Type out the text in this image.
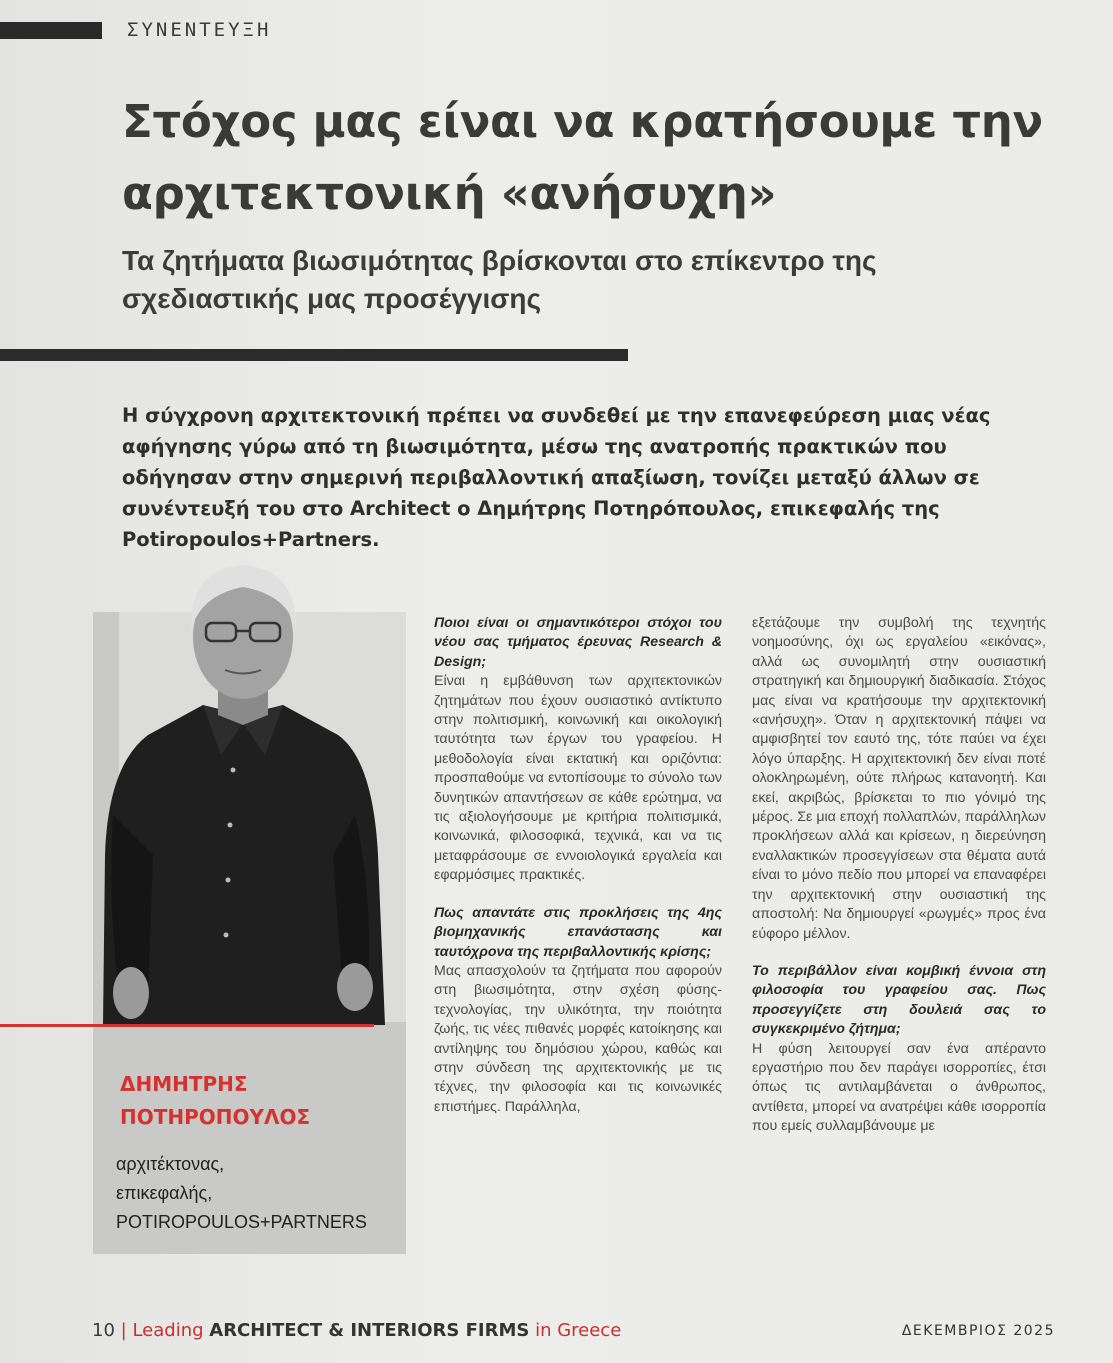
ΣΥΝΕΝΤΕΥΞΗ
Στόχος μας είναι να κρατήσουμε την αρχιτεκτονική «ανήσυχη»
Τα ζητήματα βιωσιμότητας βρίσκονται στο επίκεντρο της σχεδιαστικής μας προσέγγισης

Η σύγχρονη αρχιτεκτονική πρέπει να συνδεθεί με την επανεφεύρεση μιας νέας αφήγησης γύρω από τη βιωσιμότητα, μέσω της ανατροπής πρακτικών που οδήγησαν στην σημερινή περιβαλλοντική απαξίωση, τονίζει μεταξύ άλλων σε συνέντευξή του στο Architect ο Δημήτρης Ποτηρόπουλος, επικεφαλής της Potiropoulos+Partners.

ΔΗΜΗΤΡΗΣ
ΠΟΤΗΡΟΠΟΥΛΟΣ
αρχιτέκτονας,
επικεφαλής,
POTIROPOULOS+PARTNERS

Ποιοι είναι οι σημαντικότεροι στόχοι του νέου σας τμήματος έρευνας Research & Design;

Είναι η εμβάθυνση των αρχιτεκτονικών ζητημάτων που έχουν ουσιαστικό αντίκτυπο στην πολιτισμική, κοινωνική και οικολογική ταυτότητα των έργων του γραφείου. Η μεθοδολογία είναι εκτατική και οριζόντια: προσπαθούμε να εντοπίσουμε το σύνολο των δυνητικών απαντήσεων σε κάθε ερώτημα, να τις αξιολογήσουμε με κριτήρια πολιτισμικά, κοινωνικά, φιλοσοφικά, τεχνικά, και να τις μεταφράσουμε σε εννοιολογικά εργαλεία και εφαρμόσιμες πρακτικές.

Πως απαντάτε στις προκλήσεις της 4ης βιομηχανικής επανάστασης και ταυτόχρονα της περιβαλλοντικής κρίσης;

Μας απασχολούν τα ζητήματα που αφορούν στη βιωσιμότητα, στην σχέση φύσης-τεχνολογίας, την υλικότητα, την ποιότητα ζωής, τις νέες πιθανές μορφές κατοίκησης και αντίληψης του δημόσιου χώρου, καθώς και στην σύνδεση της αρχιτεκτονικής με τις τέχνες, την φιλοσοφία και τις κοινωνικές επιστήμες. Παράλληλα,

εξετάζουμε την συμβολή της τεχνητής νοημοσύνης, όχι ως εργαλείου «εικόνας», αλλά ως συνομιλητή στην ουσιαστική στρατηγική και δημιουργική διαδικασία. Στόχος μας είναι να κρατήσουμε την αρχιτεκτονική «ανήσυχη». Όταν η αρχιτεκτονική πάψει να αμφισβητεί τον εαυτό της, τότε παύει να έχει λόγο ύπαρξης. Η αρχιτεκτονική δεν είναι ποτέ ολοκληρωμένη, ούτε πλήρως κατανοητή. Και εκεί, ακριβώς, βρίσκεται το πιο γόνιμό της μέρος. Σε μια εποχή πολλαπλών, παράλληλων προκλήσεων αλλά και κρίσεων, η διερεύνηση εναλλακτικών προσεγγίσεων στα θέματα αυτά είναι το μόνο πεδίο που μπορεί να επαναφέρει την αρχιτεκτονική στην ουσιαστική της αποστολή: Να δημιουργεί «ρωγμές» προς ένα εύφορο μέλλον.

Το περιβάλλον είναι κομβική έννοια στη φιλοσοφία του γραφείου σας. Πως προσεγγίζετε στη δουλειά σας το συγκεκριμένο ζήτημα;

Η φύση λειτουργεί σαν ένα απέραντο εργαστήριο που δεν παράγει ισορροπίες, έτσι όπως τις αντιλαμβάνεται ο άνθρωπος, αντίθετα, μπορεί να ανατρέψει κάθε ισορροπία που εμείς συλλαμβάνουμε με

10 | Leading ARCHITECT & INTERIORS FIRMS in Greece	ΔΕΚΕΜΒΡΙΟΣ 2025
